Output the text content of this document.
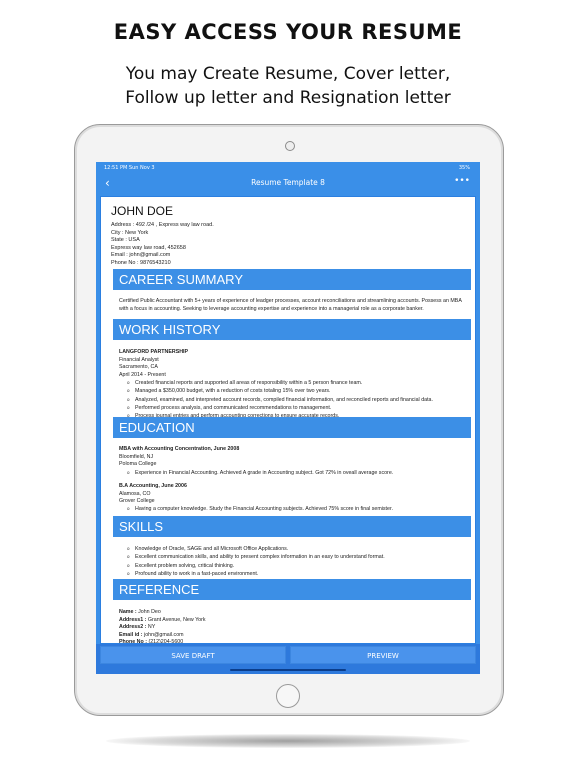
EASY ACCESS YOUR RESUME
You may Create Resume, Cover letter,
Follow up letter and Resignation letter
12:51 PM Sun Nov 3	35%
‹	Resume Template 8	•••
JOHN DOE
Address : 492 /24 , Express way law road.
City : New York
State : USA
Express way law road, 452658
Email : john@gmail.com
Phone No : 9876543210
CAREER SUMMARY
Certified Public Accountant with 5+ years of experience of leadger processes, account reconciliations and streamlining accounts. Possess an MBA with a focus in accounting. Seeking to leverage accounting expertise and experience into a managerial role as a corporate banker.
WORK HISTORY
LANGFORD PARTNERSHIP
Financial Analyst
Sacramento, CA
April 2014 - Present
o Created financial reports and supported all areas of responsibility within a 5 person finance team.
o Managed a $350,000 budget, with a reduction of costs totaling 15% over two years.
o Analyzed, examined, and interpreted account records, compiled financial information, and reconciled reports and financial data.
o Performed process analysis, and communicated recommendations to management.
o
EDUCATION
MBA with Accounting Concentration, June 2008
Bloomfield, NJ
Poloma College
o Experience in Financial Accounting. Achieved A grade in Accounting subject. Got 72% in oveall average score.
B.A Accounting, June 2006
Alamosa, CO
Grover College
o Having a computer knowledge. Study the Financial Accounting subjects. Achieved 75% score in final semister.
SKILLS
o Knowledge of Oracle, SAGE and all Microsoft Office Applications.
o Excellent communication skills, and ability to present complex information in an easy to understand format.
o Excellent problem solving, critical thinking.
o Profound ability to work in a fast-paced environment.
REFERENCE
Name : John Deo
Address1 : Grant Avenue, New York
Address2 : NY
Email id : john@gmail.com
Phone No : (212)204-5600
SAVE DRAFT	PREVIEW
